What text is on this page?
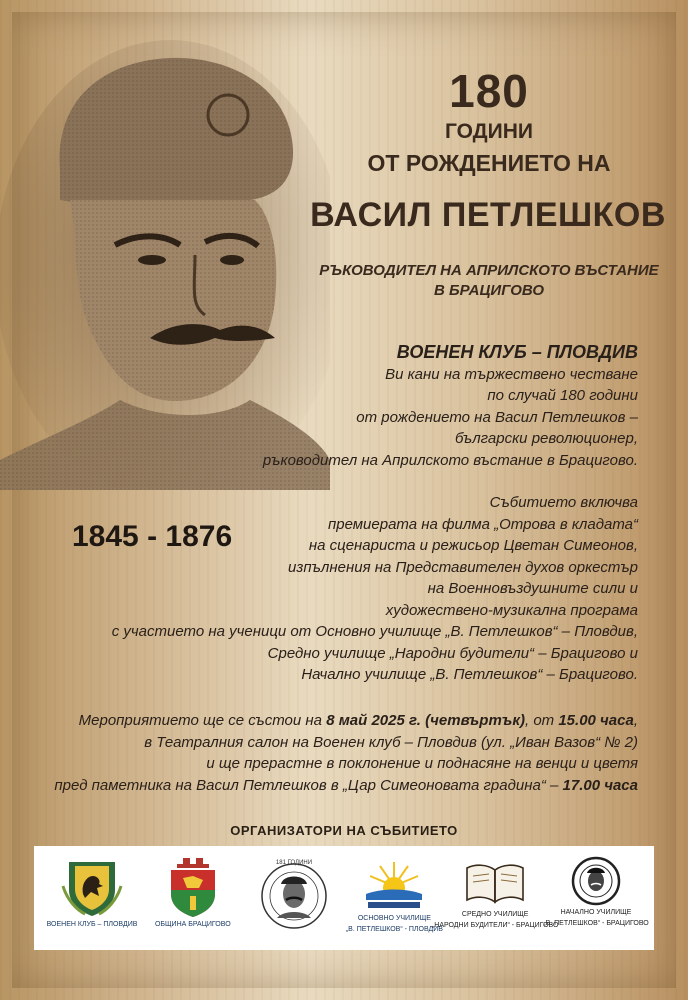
180
ГОДИНИ
ОТ РОЖДЕНИЕТО НА
ВАСИЛ ПЕТЛЕШКОВ
РЪКОВОДИТЕЛ НА АПРИЛСКОТО ВЪСТАНИЕ
В БРАЦИГОВО
1845 - 1876
ВОЕНЕН КЛУБ – ПЛОВДИВ
Ви кани на тържествено честване
по случай 180 години
от рождението на Васил Петлешков –
български революционер,
ръководител на Априлското въстание в Брацигово.
Събитието включва
премиерата на филма „Отрова в кладата“
на сценариста и режисьор Цветан Симеонов,
изпълнения на Представителен духов оркестър
на Военновъздушните сили и
художествено-музикална програма
с участието на ученици от Основно училище „В. Петлешков“ – Пловдив,
Средно училище „Народни будители“ – Брацигово и
Начално училище „В. Петлешков“ – Брацигово.
Мероприятието ще се състои на 8 май 2025 г. (четвъртък), от 15.00 часа,
в Театралния салон на Военен клуб – Пловдив (ул. „Иван Вазов“ № 2)
и ще прерастне в поклонение и поднасяне на венци и цветя
пред паметника на Васил Петлешков в „Цар Симеоновата градина“ – 17.00 часа
ОРГАНИЗАТОРИ НА СЪБИТИЕТО
ВОЕНЕН КЛУБ – ПЛОВДИВ	ОБЩИНА БРАЦИГОВО
181 ГОДИНИ
ОСНОВНО УЧИЛИЩЕ
„В. ПЕТЛЕШКОВ“ - ПЛОВДИВ
СРЕДНО УЧИЛИЩЕ
„НАРОДНИ БУДИТЕЛИ“ - БРАЦИГОВО
НАЧАЛНО УЧИЛИЩЕ
„В. ПЕТЛЕШКОВ“ - БРАЦИГОВО
